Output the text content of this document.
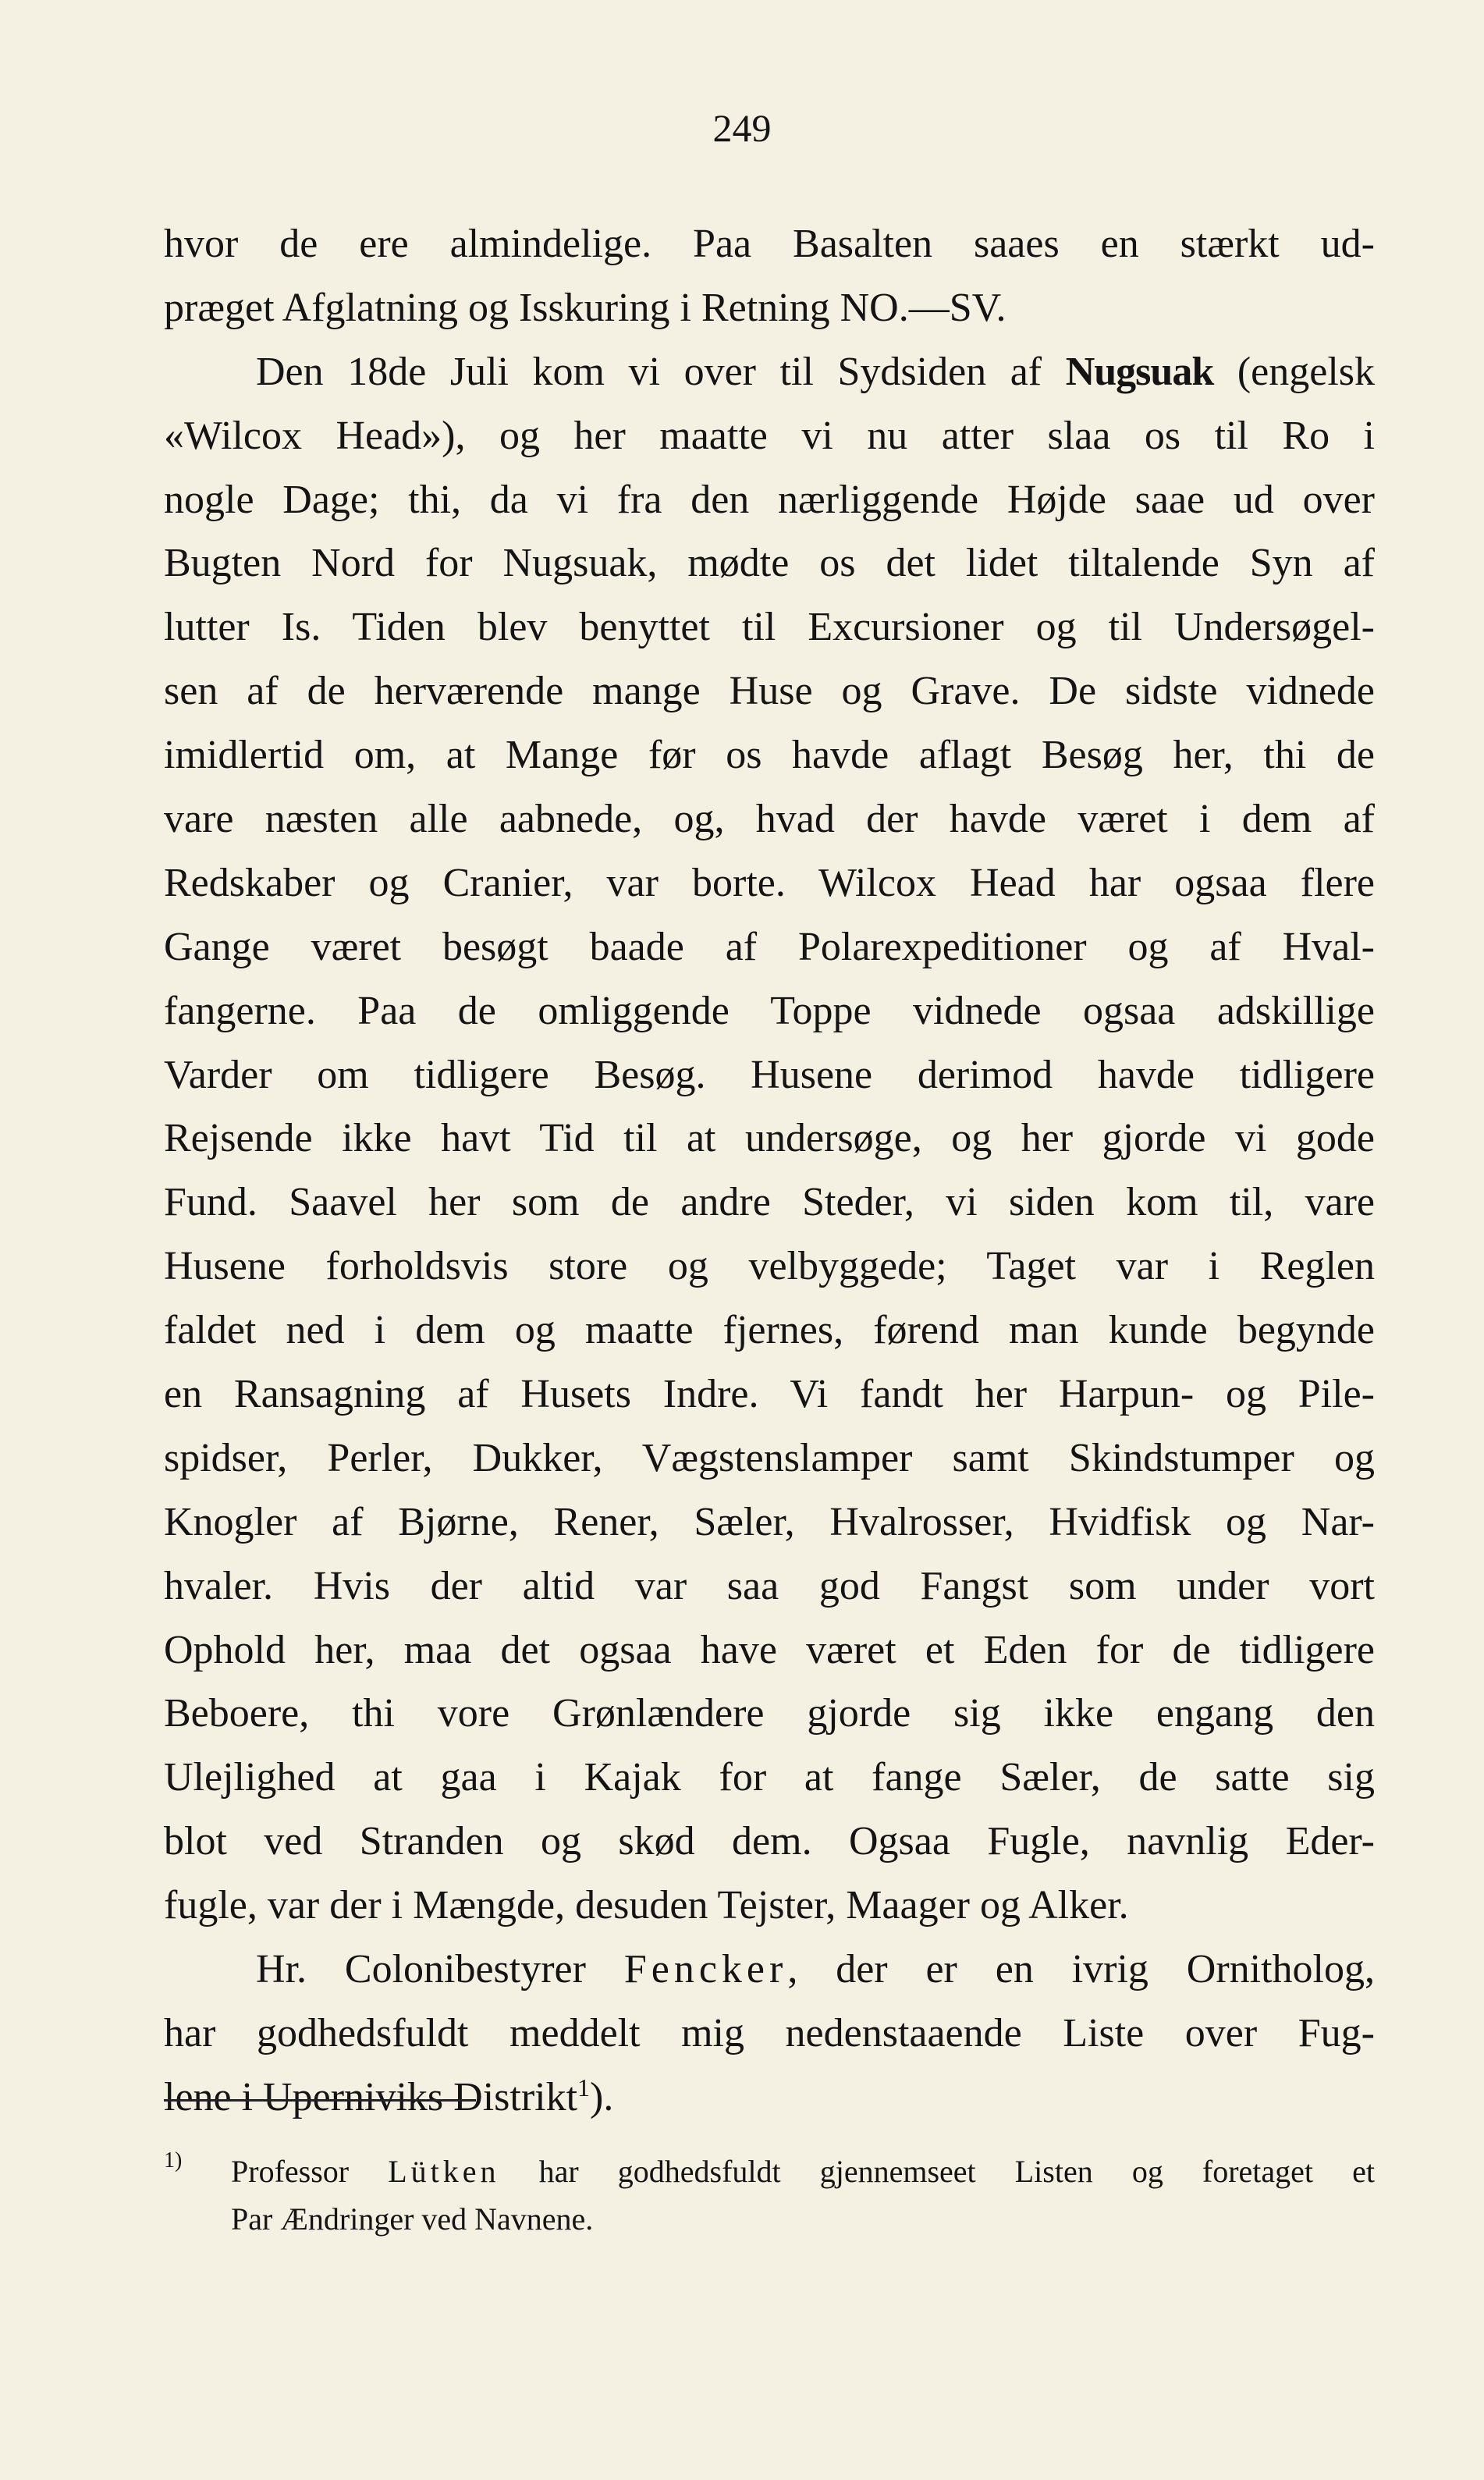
249
hvor de ere almindelige. Paa Basalten saaes en stærkt ud-
præget Afglatning og Isskuring i Retning NO.—SV.
Den 18de Juli kom vi over til Sydsiden af Nugsuak (engelsk
«Wilcox Head»), og her maatte vi nu atter slaa os til Ro i
nogle Dage; thi, da vi fra den nærliggende Højde saae ud over
Bugten Nord for Nugsuak, mødte os det lidet tiltalende Syn af
lutter Is. Tiden blev benyttet til Excursioner og til Undersøgel-
sen af de herværende mange Huse og Grave. De sidste vidnede
imidlertid om, at Mange før os havde aflagt Besøg her, thi de
vare næsten alle aabnede, og, hvad der havde været i dem af
Redskaber og Cranier, var borte. Wilcox Head har ogsaa flere
Gange været besøgt baade af Polarexpeditioner og af Hval-
fangerne. Paa de omliggende Toppe vidnede ogsaa adskillige
Varder om tidligere Besøg. Husene derimod havde tidligere
Rejsende ikke havt Tid til at undersøge, og her gjorde vi gode
Fund. Saavel her som de andre Steder, vi siden kom til, vare
Husene forholdsvis store og velbyggede; Taget var i Reglen
faldet ned i dem og maatte fjernes, førend man kunde begynde
en Ransagning af Husets Indre. Vi fandt her Harpun- og Pile-
spidser, Perler, Dukker, Vægstenslamper samt Skindstumper og
Knogler af Bjørne, Rener, Sæler, Hvalrosser, Hvidfisk og Nar-
hvaler. Hvis der altid var saa god Fangst som under vort
Ophold her, maa det ogsaa have været et Eden for de tidligere
Beboere, thi vore Grønlændere gjorde sig ikke engang den
Ulejlighed at gaa i Kajak for at fange Sæler, de satte sig
blot ved Stranden og skød dem. Ogsaa Fugle, navnlig Eder-
fugle, var der i Mængde, desuden Tejster, Maager og Alker.
Hr. Colonibestyrer Fencker, der er en ivrig Ornitholog,
har godhedsfuldt meddelt mig nedenstaaende Liste over Fug-
lene i Uperniviks Distrikt$^1$).
1) Professor Lütken har godhedsfuldt gjennemseet Listen og foretaget et
Par Ændringer ved Navnene.
